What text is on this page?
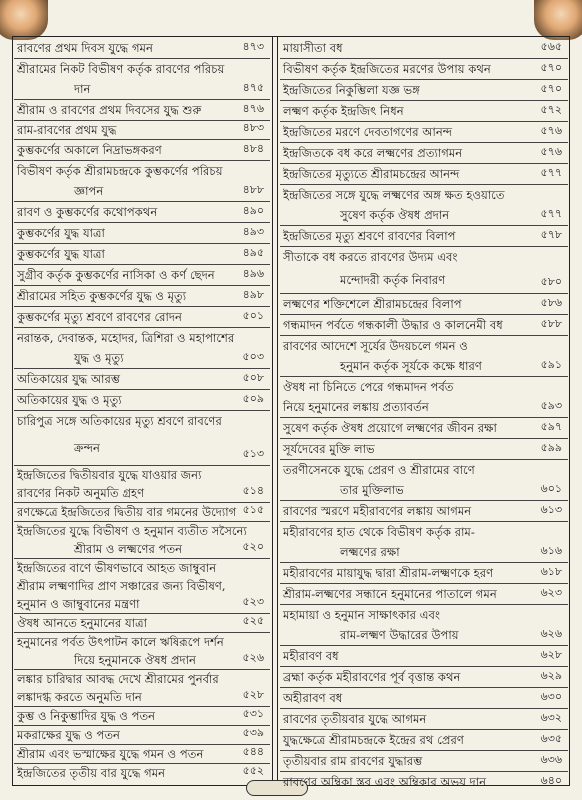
রাবণের প্রথম দিবস যুদ্ধে গমন	৪৭৩
শ্রীরামের নিকট বিভীষণ কর্তৃক রাবণের পরিচয়
দান	৪৭৫
শ্রীরাম ও রাবণের প্রথম দিবসের যুদ্ধ শুরু	৪৭৬
রাম-রাবণের প্রথম যুদ্ধ	৪৮৩
কুম্ভকর্ণের অকালে নিদ্রাভঙ্গকরণ	৪৮৪
বিভীষণ কর্তৃক শ্রীরামচন্দ্রকে কুম্ভকর্ণের পরিচয়
জ্ঞাপন	৪৮৮
রাবণ ও কুম্ভকর্ণের কথোপকথন	৪৯০
কুম্ভকর্ণের যুদ্ধ যাত্রা	৪৯৩
কুম্ভকর্ণের যুদ্ধ যাত্রা	৪৯৫
সুগ্রীব কর্তৃক কুম্ভকর্ণের নাসিকা ও কর্ণ ছেদন	৪৯৬
শ্রীরামের সহিত কুম্ভকর্ণের যুদ্ধ ও মৃত্যু	৪৯৮
কুম্ভকর্ণের মৃত্যু শ্রবণে রাবণের রোদন	৫০১
নরান্তক, দেবান্তক, মহোদর, ত্রিশিরা ও মহাপাশের
যুদ্ধ ও মৃত্যু	৫০৩
অতিকায়ের যুদ্ধ আরম্ভ	৫০৮
অতিকায়ের যুদ্ধ ও মৃত্যু	৫০৯
চারিপুত্র সঙ্গে অতিকায়ের মৃত্যু শ্রবণে রাবণের
ক্রন্দন	৫১৩
ইন্দ্রজিতের দ্বিতীয়বার যুদ্ধে যাওয়ার জন্য
রাবণের নিকট অনুমতি গ্রহণ	৫১৪
রণক্ষেত্রে ইন্দ্রজিতের দ্বিতীয় বার গমনের উদ্যোগ ৫১৫
ইন্দ্রজিতের যুদ্ধে বিভীষণ ও হনুমান ব্যতীত সসৈন্যে
শ্রীরাম ও লক্ষ্মণের পতন	৫২০
ইন্দ্রজিতের বাণে ভীষণভাবে আহত জাম্বুবান
শ্রীরাম লক্ষ্মণাদির প্রাণ সঞ্চারের জন্য বিভীষণ,
হনুমান ও জাম্বুবানের মন্ত্রণা	৫২৩
ঔষধ আনতে হনুমানের যাত্রা	৫২৫
হনুমানের পর্বত উৎপাটন কালে ঋষিরূপে দর্শন
দিয়ে হনুমানকে ঔষধ প্রদান	৫২৬
লঙ্কার চারিদ্বার আবদ্ধ দেখে শ্রীরামের পুনর্বার
লঙ্কাদগ্ধ করতে অনুমতি দান	৫২৮
কুম্ভ ও নিকুম্ভাদির যুদ্ধ ও পতন	৫৩১
মকরাক্ষের যুদ্ধ ও পতন	৫৩৯
শ্রীরাম এবং ভস্মাক্ষের যুদ্ধে গমন ও পতন	৫৪৪
ইন্দ্রজিতের তৃতীয় বার যুদ্ধে গমন	৫৫২
মায়াসীতা বধ	৫৬৫
বিভীষণ কর্তৃক ইন্দ্রজিতের মরণের উপায় কথন	৫৭০
ইন্দ্রজিতের নিকুম্ভিলা যজ্ঞ ভঙ্গ	৫৭০
লক্ষ্মণ কর্তৃক ইন্দ্রজিৎ নিধন	৫৭২
ইন্দ্রজিতের মরণে দেবতাগণের আনন্দ	৫৭৬
ইন্দ্রজিতকে বধ করে লক্ষ্মণের প্রত্যাগমন	৫৭৬
ইন্দ্রজিতের মৃত্যুতে শ্রীরামচন্দ্রের আনন্দ	৫৭৭
ইন্দ্রজিতের সঙ্গে যুদ্ধে লক্ষ্মণের অঙ্গ ক্ষত হওয়াতে
সুষেণ কর্তৃক ঔষধ প্রদান	৫৭৭
ইন্দ্রজিতের মৃত্যু শ্রবণে রাবণের বিলাপ	৫৭৮
সীতাকে বধ করতে রাবণের উদ্যম এবং
মন্দোদরী কর্তৃক নিবারণ	৫৮০
লক্ষ্মণের শক্তিশেলে শ্রীরামচন্দ্রের বিলাপ	৫৮৬
গন্ধমাদন পর্বতে গন্ধকালী উদ্ধার ও কালনেমী বধ	৫৮৮
রাবণের আদেশে সূর্যের উদয়চলে গমন ও
হনুমান কর্তৃক সূর্যকে কক্ষে ধারণ	৫৯১
ঔষধ না চিনিতে পেরে গন্ধমাদন পর্বত
নিয়ে হনুমানের লঙ্কায় প্রত্যাবর্তন	৫৯৩
সুষেণ কর্তৃক ঔষধ প্রয়োগে লক্ষ্মণের জীবন রক্ষা	৫৯৭
সূর্যদেবের মুক্তি লাভ	৫৯৯
তরণীসেনকে যুদ্ধে প্রেরণ ও শ্রীরামের বাণে
তার মুক্তিলাভ	৬০১
রাবণের স্মরণে মহীরাবণের লঙ্কায় আগমন	৬১৩
মহীরাবণের হাত থেকে বিভীষণ কর্তৃক রাম-
লক্ষ্মণের রক্ষা	৬১৬
মহীরাবণের মায়াযুদ্ধ দ্বারা শ্রীরাম-লক্ষ্মণকে হরণ	৬১৮
শ্রীরাম-লক্ষ্মণের সন্ধানে হনুমানের পাতালে গমন	৬২৩
মহামায়া ও হনুমান সাক্ষাৎকার এবং
রাম-লক্ষ্মণ উদ্ধারের উপায়	৬২৬
মহীরাবণ বধ	৬২৮
ব্রহ্মা কর্তৃক মহীরাবণের পূর্ব বৃত্তান্ত কথন	৬২৯
অহীরাবণ বধ	৬৩০
রাবণের তৃতীয়বার যুদ্ধে আগমন	৬৩২
যুদ্ধক্ষেত্রে শ্রীরামচন্দ্রকে ইন্দ্রের রথ প্রেরণ	৬৩৫
তৃতীয়বার রাম রাবণের যুদ্ধারম্ভ	৬৩৬
রাবণের অম্বিকা স্তব এবং অম্বিকার অভয় দান	৬৪০
